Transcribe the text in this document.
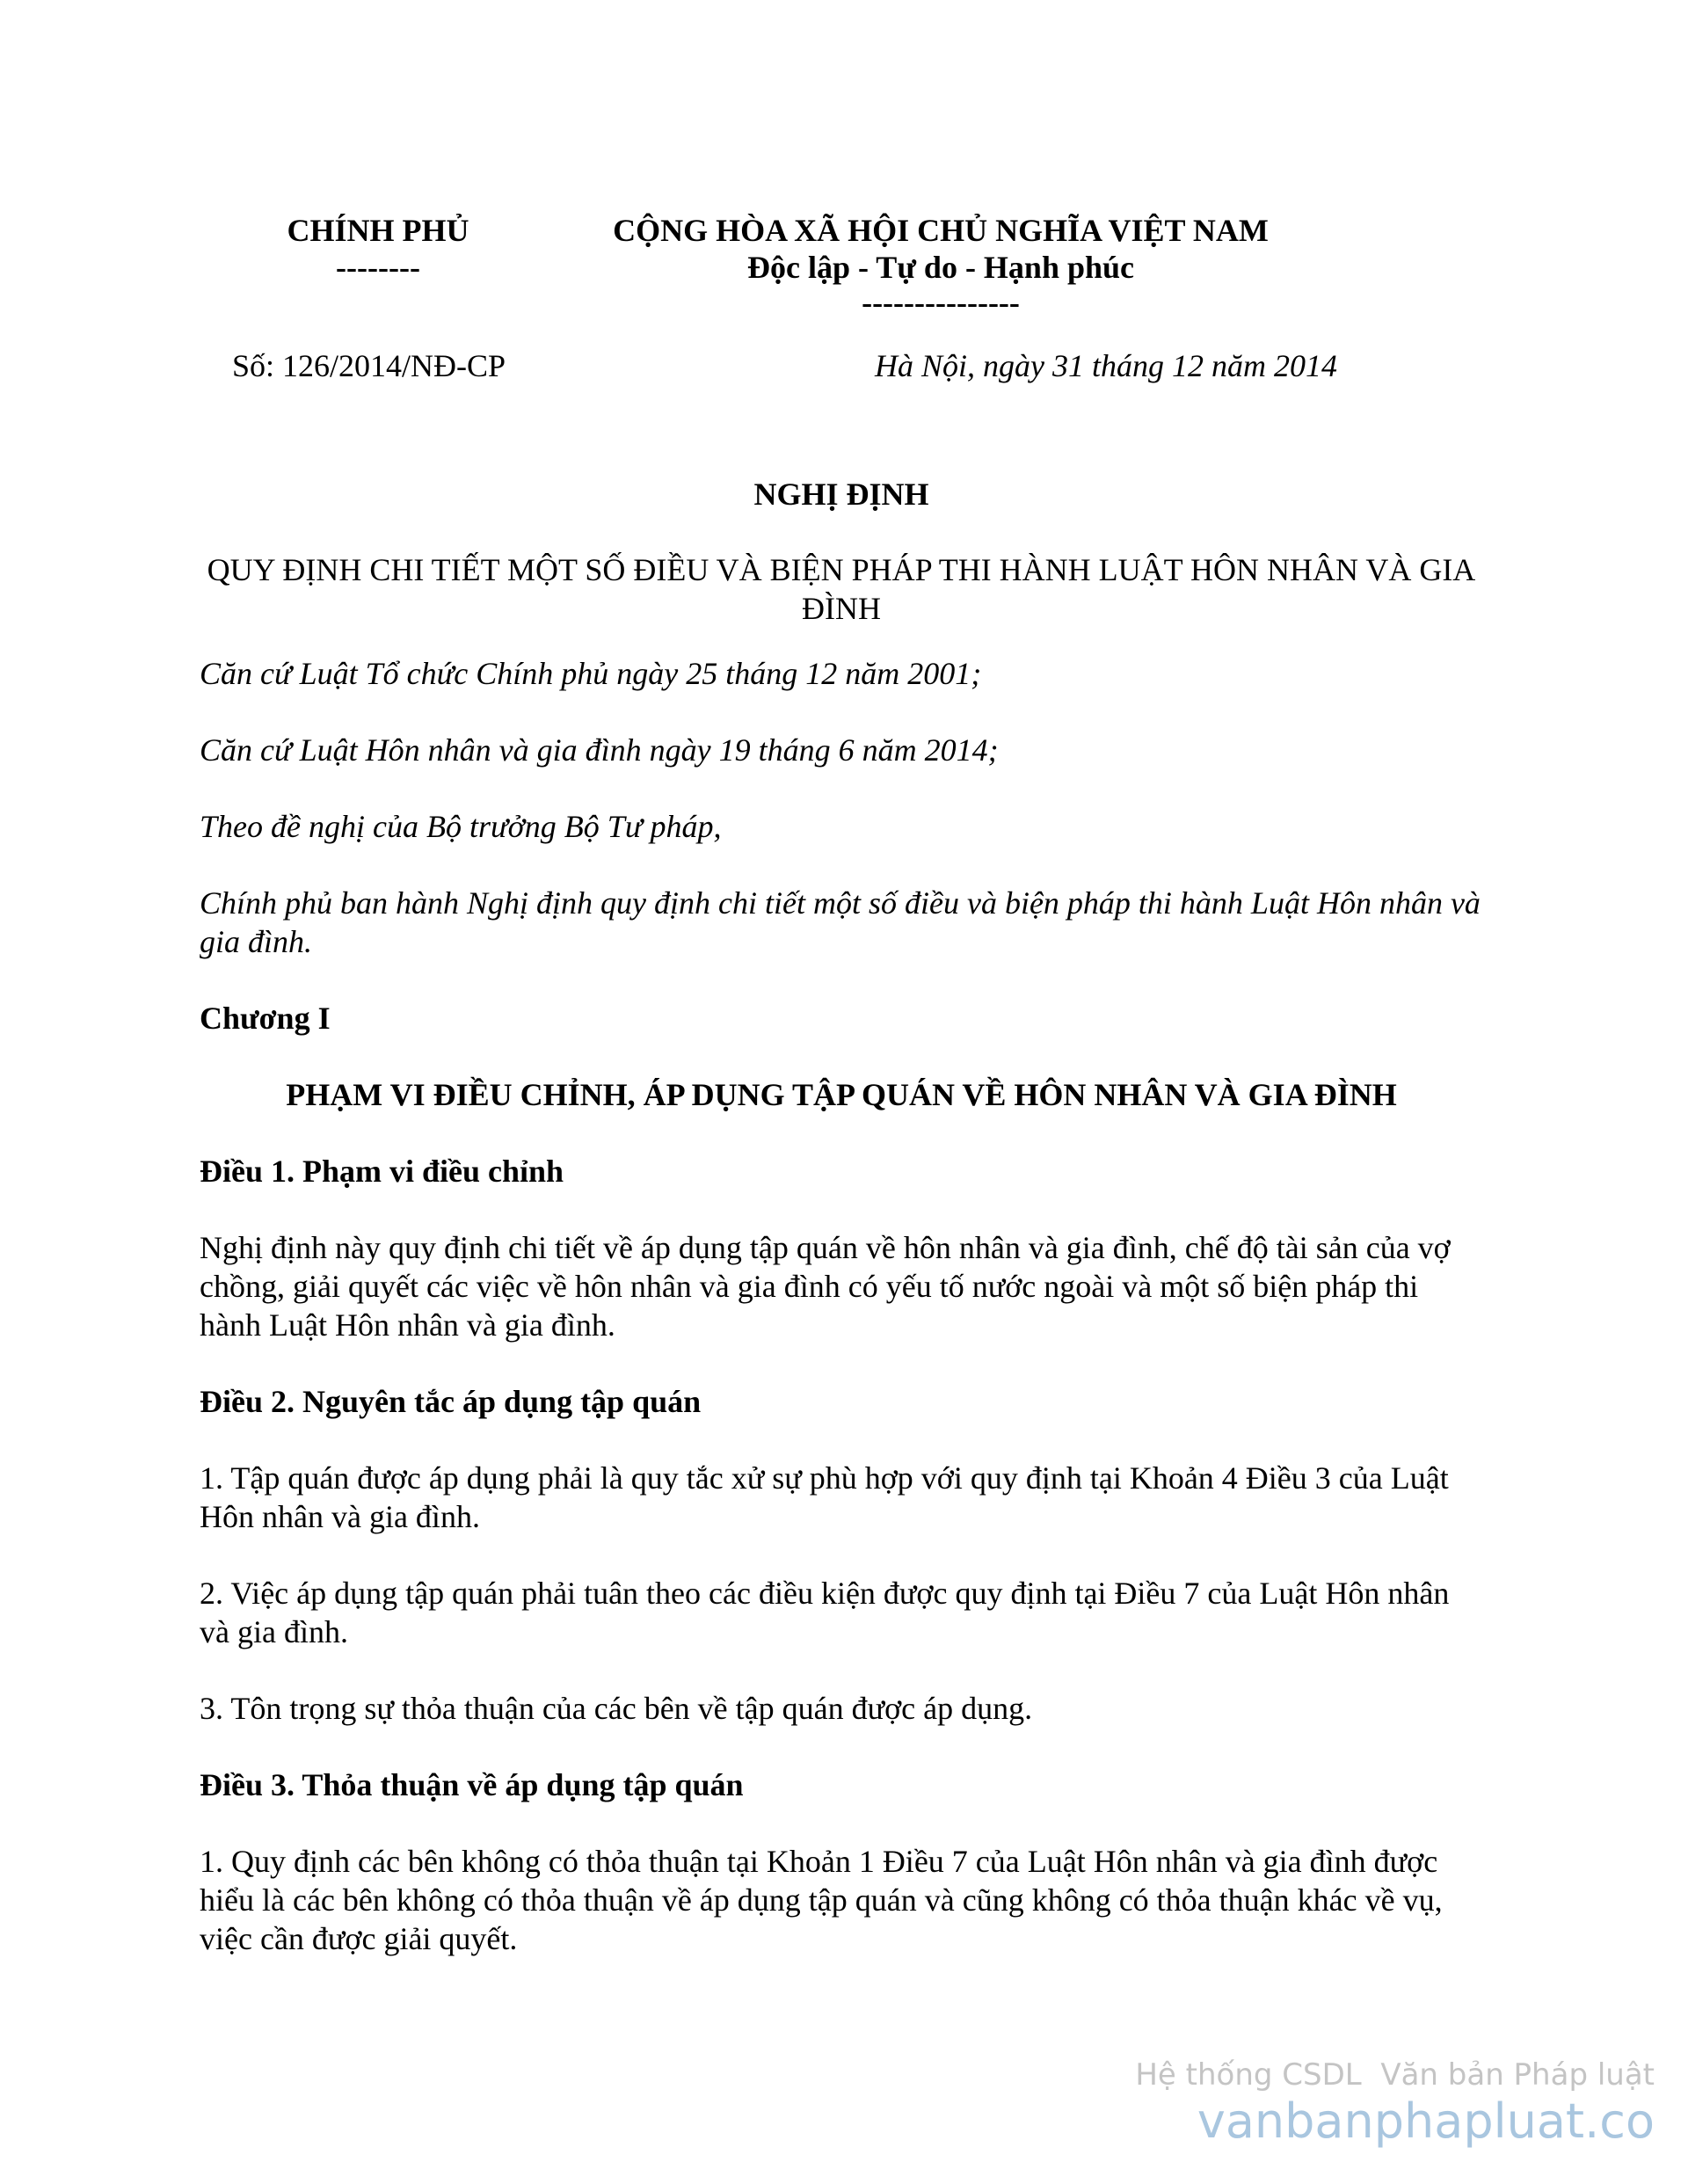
CHÍNH PHỦ
--------
CỘNG HÒA XÃ HỘI CHỦ NGHĨA VIỆT NAM
Độc lập - Tự do - Hạnh phúc
---------------
Số: 126/2014/NĐ-CP	Hà Nội, ngày 31 tháng 12 năm 2014
NGHỊ ĐỊNH
QUY ĐỊNH CHI TIẾT MỘT SỐ ĐIỀU VÀ BIỆN PHÁP THI HÀNH LUẬT HÔN NHÂN VÀ GIA ĐÌNH

Căn cứ Luật Tổ chức Chính phủ ngày 25 tháng 12 năm 2001;

Căn cứ Luật Hôn nhân và gia đình ngày 19 tháng 6 năm 2014;

Theo đề nghị của Bộ trưởng Bộ Tư pháp,

Chính phủ ban hành Nghị định quy định chi tiết một số điều và biện pháp thi hành Luật Hôn nhân và gia đình.

Chương I

PHẠM VI ĐIỀU CHỈNH, ÁP DỤNG TẬP QUÁN VỀ HÔN NHÂN VÀ GIA ĐÌNH

Điều 1. Phạm vi điều chỉnh

Nghị định này quy định chi tiết về áp dụng tập quán về hôn nhân và gia đình, chế độ tài sản của vợ chồng, giải quyết các việc về hôn nhân và gia đình có yếu tố nước ngoài và một số biện pháp thi hành Luật Hôn nhân và gia đình.

Điều 2. Nguyên tắc áp dụng tập quán

1. Tập quán được áp dụng phải là quy tắc xử sự phù hợp với quy định tại Khoản 4 Điều 3 của Luật Hôn nhân và gia đình.

2. Việc áp dụng tập quán phải tuân theo các điều kiện được quy định tại Điều 7 của Luật Hôn nhân và gia đình.

3. Tôn trọng sự thỏa thuận của các bên về tập quán được áp dụng.

Điều 3. Thỏa thuận về áp dụng tập quán

1. Quy định các bên không có thỏa thuận tại Khoản 1 Điều 7 của Luật Hôn nhân và gia đình được hiểu là các bên không có thỏa thuận về áp dụng tập quán và cũng không có thỏa thuận khác về vụ, việc cần được giải quyết.

Hệ thống CSDL  Văn bản Pháp luật
vanbanphapluat.co
